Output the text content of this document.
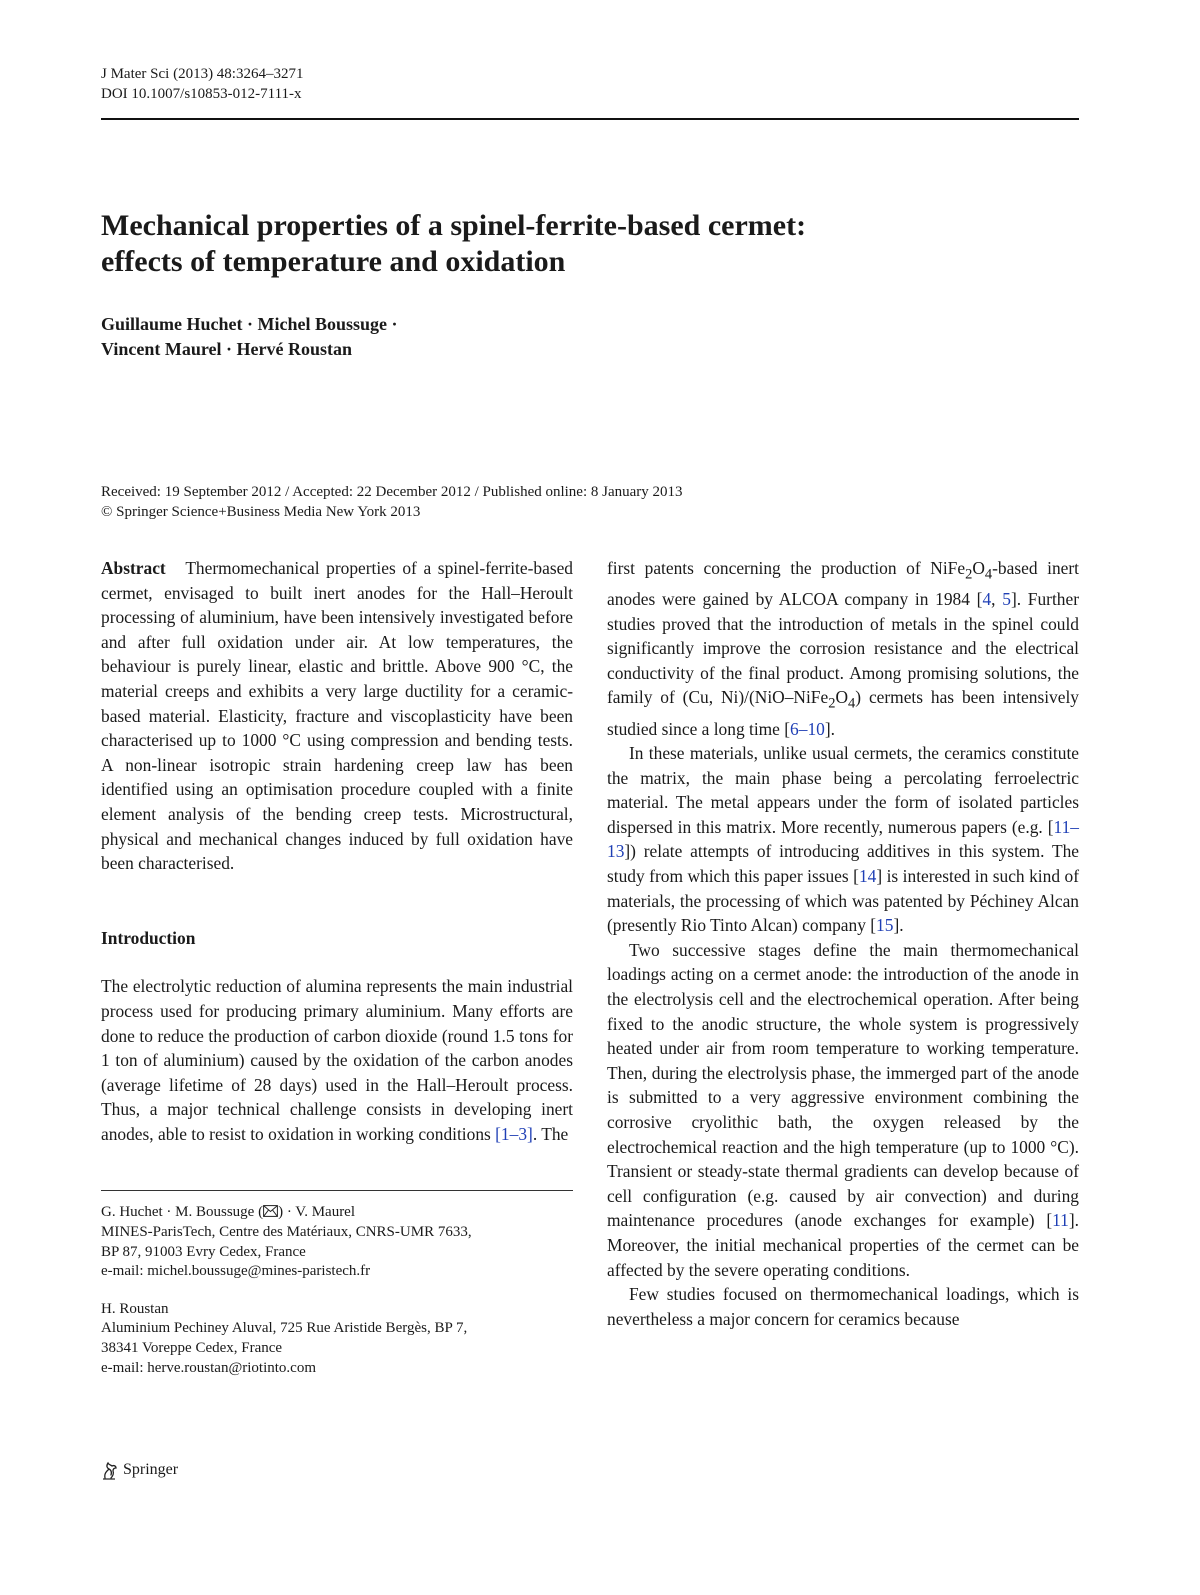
J Mater Sci (2013) 48:3264–3271
DOI 10.1007/s10853-012-7111-x
Mechanical properties of a spinel-ferrite-based cermet:
effects of temperature and oxidation
Guillaume Huchet · Michel Boussuge ·
Vincent Maurel · Hervé Roustan
Received: 19 September 2012 / Accepted: 22 December 2012 / Published online: 8 January 2013
© Springer Science+Business Media New York 2013

Abstract Thermomechanical properties of a spinel-ferrite-based cermet, envisaged to built inert anodes for the Hall–Heroult processing of aluminium, have been intensively investigated before and after full oxidation under air. At low temperatures, the behaviour is purely linear, elastic and brittle. Above 900 °C, the material creeps and exhibits a very large ductility for a ceramic-based material. Elasticity, fracture and viscoplasticity have been characterised up to 1000 °C using compression and bending tests. A non-linear isotropic strain hardening creep law has been identified using an optimisation procedure coupled with a finite element analysis of the bending creep tests. Microstructural, physical and mechanical changes induced by full oxidation have been characterised.

Introduction

The electrolytic reduction of alumina represents the main industrial process used for producing primary aluminium. Many efforts are done to reduce the production of carbon dioxide (round 1.5 tons for 1 ton of aluminium) caused by the oxidation of the carbon anodes (average lifetime of 28 days) used in the Hall–Heroult process. Thus, a major technical challenge consists in developing inert anodes, able to resist to oxidation in working conditions [1–3]. The

G. Huchet · M. Boussuge ( ) · V. Maurel
MINES-ParisTech, Centre des Matériaux, CNRS-UMR 7633,
BP 87, 91003 Evry Cedex, France
e-mail: michel.boussuge@mines-paristech.fr
H. Roustan
Aluminium Pechiney Aluval, 725 Rue Aristide Bergès, BP 7,
38341 Voreppe Cedex, France
e-mail: herve.roustan@riotinto.com

first patents concerning the production of $NiFe_2O_4$-based inert anodes were gained by ALCOA company in 1984 [4, 5]. Further studies proved that the introduction of metals in the spinel could significantly improve the corrosion resistance and the electrical conductivity of the final product. Among promising solutions, the family of (Cu, $Ni)/(NiO-NiFe_2O_4)$ cermets has been intensively studied since a long time [6–10].

In these materials, unlike usual cermets, the ceramics constitute the matrix, the main phase being a percolating ferroelectric material. The metal appears under the form of isolated particles dispersed in this matrix. More recently, numerous papers (e.g. [11–13]) relate attempts of introducing additives in this system. The study from which this paper issues [14] is interested in such kind of materials, the processing of which was patented by Péchiney Alcan (presently Rio Tinto Alcan) company [15].

Two successive stages define the main thermomechanical loadings acting on a cermet anode: the introduction of the anode in the electrolysis cell and the electrochemical operation. After being fixed to the anodic structure, the whole system is progressively heated under air from room temperature to working temperature. Then, during the electrolysis phase, the immerged part of the anode is submitted to a very aggressive environment combining the corrosive cryolithic bath, the oxygen released by the electrochemical reaction and the high temperature (up to 1000 °C). Transient or steady-state thermal gradients can develop because of cell configuration (e.g. caused by air convection) and during maintenance procedures (anode exchanges for example) [11]. Moreover, the initial mechanical properties of the cermet can be affected by the severe operating conditions.

Few studies focused on thermomechanical loadings, which is nevertheless a major concern for ceramics because

Springer
